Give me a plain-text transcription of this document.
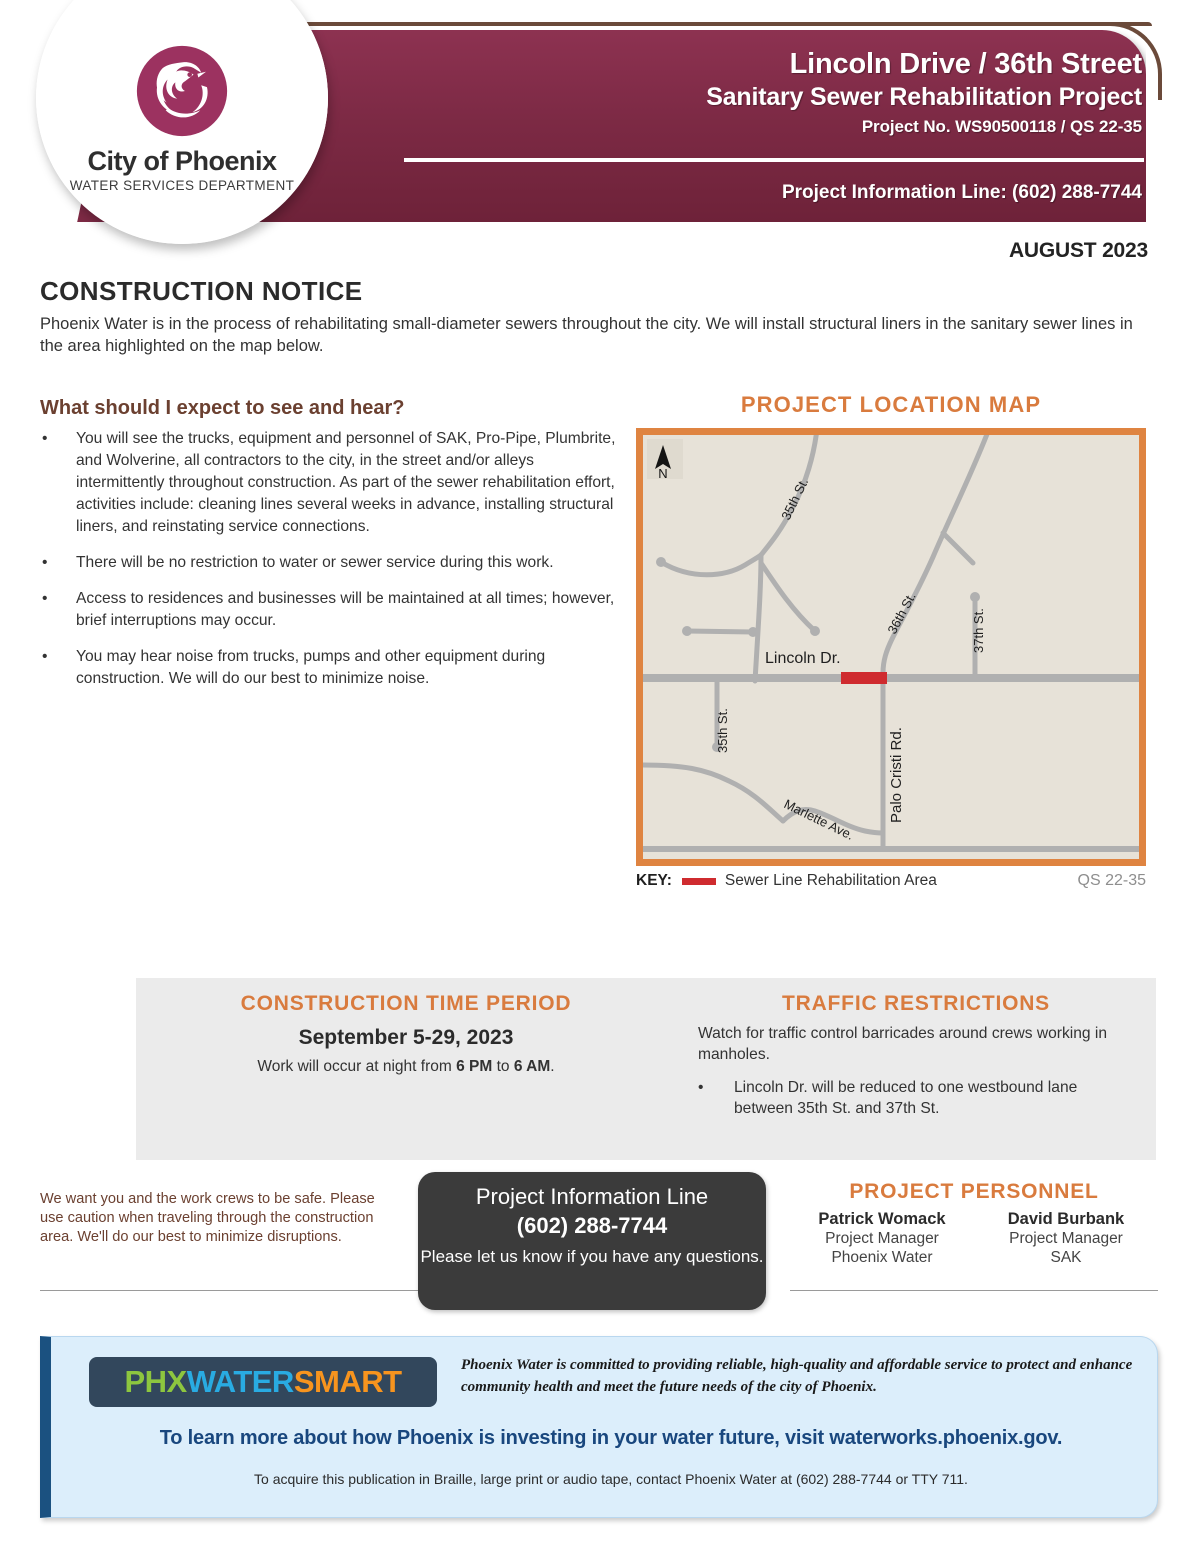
City of Phoenix
WATER SERVICES DEPARTMENT
Lincoln Drive / 36th Street
Sanitary Sewer Rehabilitation Project
Project No. WS90500118 / QS 22-35
Project Information Line: (602) 288-7744
AUGUST 2023
CONSTRUCTION NOTICE
Phoenix Water is in the process of rehabilitating small-diameter sewers throughout the city. We will install structural liners in the sanitary sewer lines in the area highlighted on the map below.
What should I expect to see and hear?
•	You will see the trucks, equipment and personnel of SAK, Pro-Pipe, Plumbrite, and Wolverine, all contractors to the city, in the street and/or alleys intermittently throughout construction. As part of the sewer rehabilitation effort, activities include: cleaning lines several weeks in advance, installing structural liners, and reinstating service connections.
•	There will be no restriction to water or sewer service during this work.
•	Access to residences and businesses will be maintained at all times; however, brief interruptions may occur.
•	You may hear noise from trucks, pumps and other equipment during construction. We will do our best to minimize noise.
PROJECT LOCATION MAP
N
35th St.
36th St.	37th St.
Lincoln Dr.
35th St.	Palo Cristi Rd.
Marlette Ave.
KEY:	Sewer Line Rehabilitation Area	QS 22-35
CONSTRUCTION TIME PERIOD
September 5-29, 2023
Work will occur at night from 6 PM to 6 AM.
TRAFFIC RESTRICTIONS
Watch for traffic control barricades around crews working in manholes.
•	Lincoln Dr. will be reduced to one westbound lane between 35th St. and 37th St.
We want you and the work crews to be safe. Please use caution when traveling through the construction area. We'll do our best to minimize disruptions.
Project Information Line
(602) 288-7744
Please let us know if you have any questions.
PROJECT PERSONNEL
Patrick Womack
Project Manager
Phoenix Water
David Burbank
Project Manager
SAK
PHX WATER SMART	Phoenix Water is committed to providing reliable, high-quality and affordable service to protect and enhance community health and meet the future needs of the city of Phoenix.
To learn more about how Phoenix is investing in your water future, visit waterworks.phoenix.gov.
To acquire this publication in Braille, large print or audio tape, contact Phoenix Water at (602) 288-7744 or TTY 711.
